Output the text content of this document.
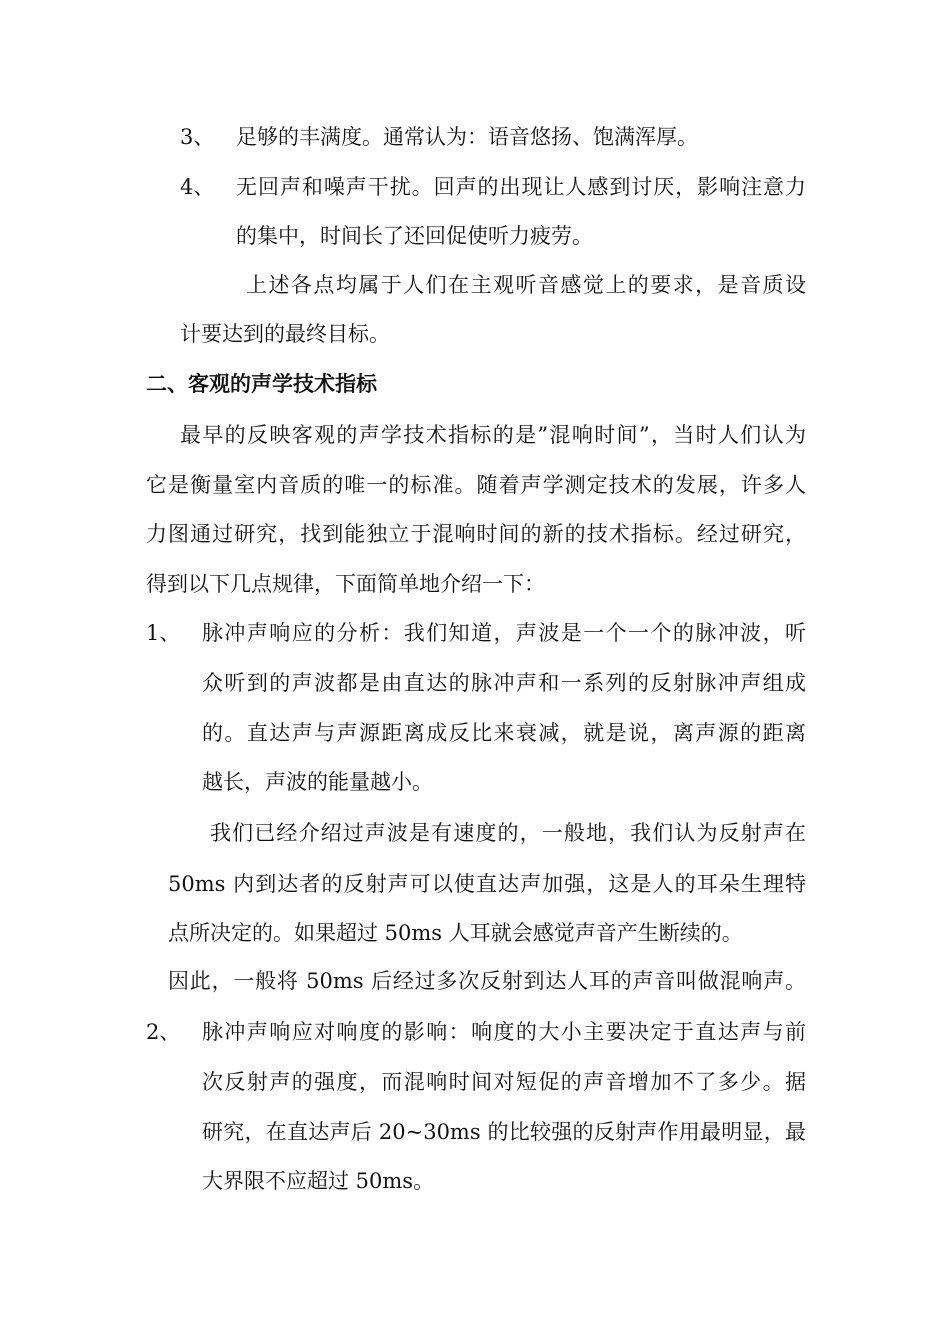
3、 足够的丰满度。通常认为：语音悠扬、饱满浑厚。

4、 无回声和噪声干扰。回声的出现让人感到讨厌，影响注意力

的集中，时间长了还回促使听力疲劳。

上述各点均属于人们在主观听音感觉上的要求，是音质设

计要达到的最终目标。

二、客观的声学技术指标

最早的反映客观的声学技术指标的是”混响时间”，当时人们认为

它是衡量室内音质的唯一的标准。随着声学测定技术的发展，许多人

力图通过研究，找到能独立于混响时间的新的技术指标。经过研究，

得到以下几点规律，下面简单地介绍一下：

1、 脉冲声响应的分析：我们知道，声波是一个一个的脉冲波，听

众听到的声波都是由直达的脉冲声和一系列的反射脉冲声组成

的。直达声与声源距离成反比来衰减，就是说，离声源的距离

越长，声波的能量越小。

我们已经介绍过声波是有速度的，一般地，我们认为反射声在

50ms 内到达者的反射声可以使直达声加强，这是人的耳朵生理特

点所决定的。如果超过 50ms 人耳就会感觉声音产生断续的。

因此，一般将 50ms 后经过多次反射到达人耳的声音叫做混响声。

2、 脉冲声响应对响度的影响：响度的大小主要决定于直达声与前

次反射声的强度，而混响时间对短促的声音增加不了多少。据

研究，在直达声后 20~30ms 的比较强的反射声作用最明显，最

大界限不应超过 50ms。
